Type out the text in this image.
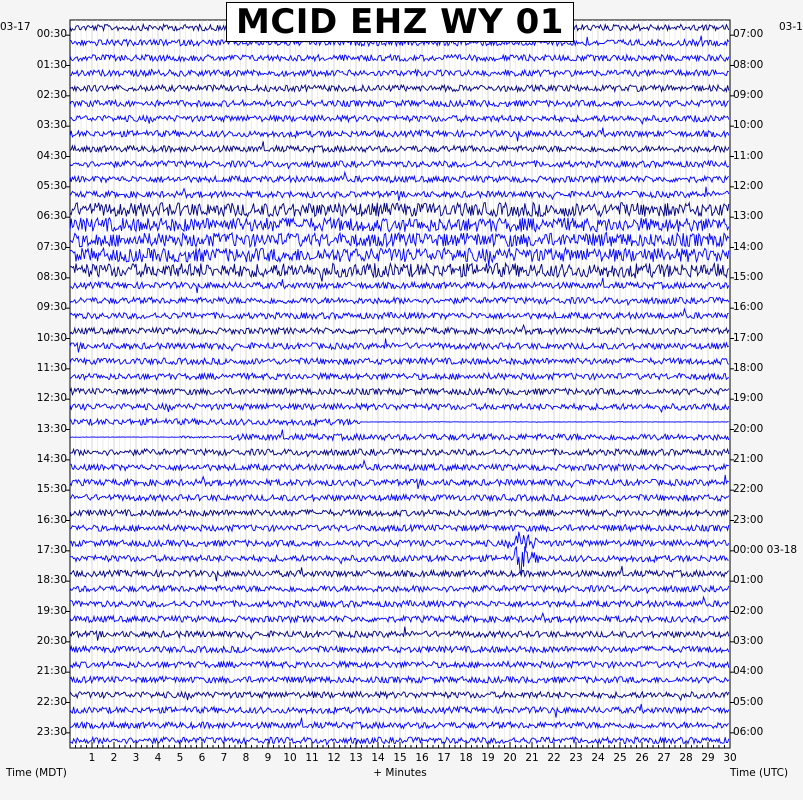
MCID EHZ WY 01
03-17	03-1
00:30
01:30
02:30
03:30
04:30
05:30
06:30
07:30
08:30
09:30
10:30
11:30
12:30
13:30
14:30
15:30
16:30
17:30
18:30
19:30
20:30
21:30
22:30
23:30
07:00
08:00
09:00
10:00
11:00
12:00
13:00
14:00
15:00
16:00
17:00
18:00
19:00
20:00
21:00
22:00
23:00
00:00 03-18
01:00
02:00
03:00
04:00
05:00
06:00
1	2	3	4	5	6	7	8	9	10 11 12 13 14 15 16 17 18 19 20 21 22 23 24 25 26 27 28 29 30
Time (MDT)	+ Minutes	Time (UTC)
